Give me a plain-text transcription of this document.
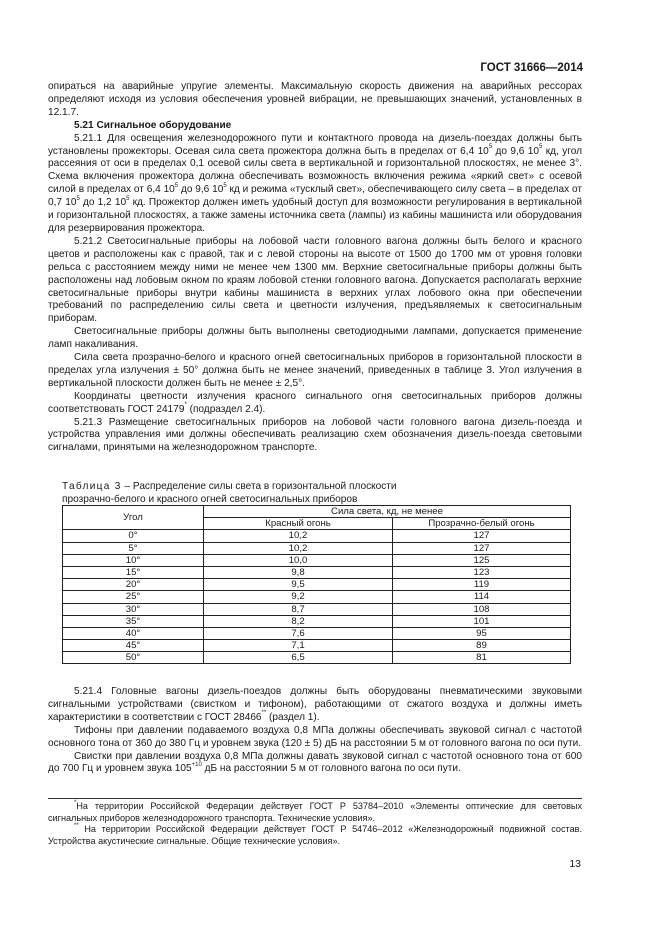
ГОСТ 31666—2014

опираться на аварийные упругие элементы. Максимальную скорость движения на аварийных рессорах определяют исходя из условия обеспечения уровней вибрации, не превышающих значений, установленных в 12.1.7.

5.21 Сигнальное оборудование

5.21.1 Для освещения железнодорожного пути и контактного провода на дизель-поездах должны быть установлены прожекторы. Осевая сила света прожектора должна быть в пределах от 6,4 $10^5$ до 9,6 $10^5$ кд, угол рассеяния от оси в пределах 0,1 осевой силы света в вертикальной и горизонтальной плоскостях, не менее 3°. Схема включения прожектора должна обеспечивать возможность включения режима «яркий свет» с осевой силой в пределах от 6,4 $10^5$ до 9,6 $10^5$ кд и режима «тусклый свет», обеспечивающего силу света – в пределах от 0,7 $10^5$ до 1,2 $10^5$ кд. Прожектор должен иметь удобный доступ для возможности регулирования в вертикальной и горизонтальной плоскостях, а также замены источника света (лампы) из кабины машиниста или оборудования для резервирования прожектора.

5.21.2 Светосигнальные приборы на лобовой части головного вагона должны быть белого и красного цветов и расположены как с правой, так и с левой стороны на высоте от 1500 до 1700 мм от уровня головки рельса с расстоянием между ними не менее чем 1300 мм. Верхние светосигнальные приборы должны быть расположены над лобовым окном по краям лобовой стенки головного вагона. Допускается располагать верхние светосигнальные приборы внутри кабины машиниста в верхних углах лобового окна при обеспечении требований по распределению силы света и цветности излучения, предъявляемых к светосигнальным приборам.

Светосигнальные приборы должны быть выполнены светодиодными лампами, допускается применение ламп накаливания.

Сила света прозрачно-белого и красного огней светосигнальных приборов в горизонтальной плоскости в пределах угла излучения ± 50° должна быть не менее значений, приведенных в таблице 3. Угол излучения в вертикальной плоскости должен быть не менее ± 2,5°.

Координаты цветности излучения красного сигнального огня светосигнальных приборов должны соответствовать ГОСТ 24179* (подраздел 2.4).

5.21.3 Размещение светосигнальных приборов на лобовой части головного вагона дизель-поезда и устройства управления ими должны обеспечивать реализацию схем обозначения дизель-поезда световыми сигналами, принятыми на железнодорожном транспорте.

Таблица 3 – Распределение силы света в горизонтальной плоскости
прозрачно-белого и красного огней светосигнальных приборов
Угол	Сила света, кд, не менее	
	Красный огонь	Прозрачно-белый огонь
0°	10,2	127
5°	10,2	127
10°	10,0	125
15°	9,8	123
20°	9,5	119
25°	9,2	114
30°	8,7	108
35°	8,2	101
40°	7,6	95
45°	7,1	89
50°	6,5	81

5.21.4 Головные вагоны дизель-поездов должны быть оборудованы пневматическими звуковыми сигнальными устройствами (свистком и тифоном), работающими от сжатого воздуха и должны иметь характеристики в соответствии с ГОСТ 28466** (раздел 1).

Тифоны при давлении подаваемого воздуха 0,8 МПа должны обеспечивать звуковой сигнал с частотой основного тона от 360 до 380 Гц и уровнем звука (120 ± 5) дБ на расстоянии 5 м от головного вагона по оси пути.

Свистки при давлении воздуха 0,8 МПа должны давать звуковой сигнал с частотой основного тона от 600 до 700 Гц и уровнем звука $105^{+10}$ дБ на расстоянии 5 м от головного вагона по оси пути.

*На территории Российской Федерации действует ГОСТ Р 53784–2010 «Элементы оптические для световых сигнальных приборов железнодорожного транспорта. Технические условия».

** На территории Российской Федерации действует ГОСТ Р 54746–2012 «Железнодорожный подвижной состав. Устройства акустические сигнальные. Общие технические условия».

13
